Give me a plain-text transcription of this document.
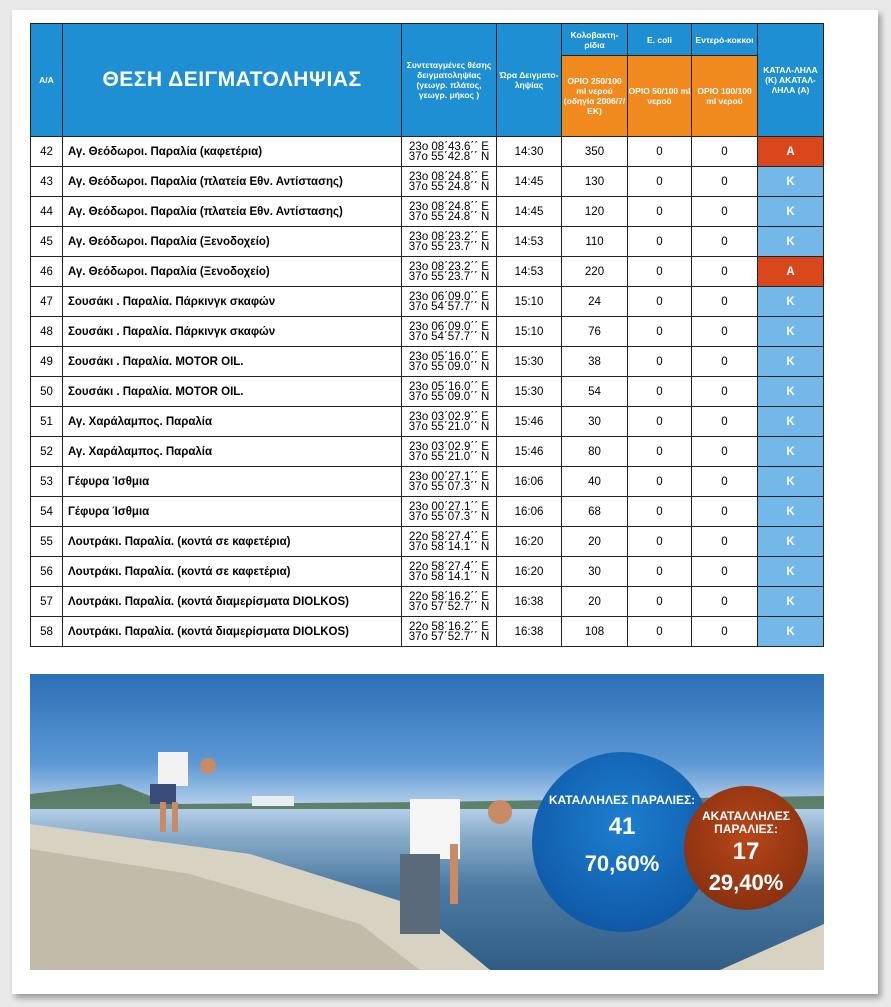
Α/Α	ΘΕΣΗ ΔΕΙΓΜΑΤΟΛΗΨΙΑΣ	Συντεταγμένες θέσης δειγματοληψίας (γεωγρ. πλάτος, γεωγρ. μήκος )	Ώρα Δειγματο-ληψίας	Κολοβακτη-ρίδια	E. coli	Εντερό-κοκκοι	ΚΑΤΑΛ-ΛΗΛΑ (Κ) ΑΚΑΤΑΛ-ΛΗΛΑ (Α)
				ΟΡΙΟ 250/100 ml νερού (οδηγία 2006/7/ ΕΚ)	ΟΡΙΟ 50/100 ml νερού	ΟΡΙΟ 100/100 ml νερού	
42	Αγ. Θεόδωροι. Παραλία (καφετέρια)	23o 08΄43.6΄΄ E
37o 55΄42.8΄΄ N	14:30	350	0	0	Α
43	Αγ. Θεόδωροι. Παραλία (πλατεία Εθν. Αντίστασης)	23o 08΄24.8΄΄ E
37o 55΄24.8΄΄ N	14:45	130	0	0	Κ
44	Αγ. Θεόδωροι. Παραλία (πλατεία Εθν. Αντίστασης)	23o 08΄24.8΄΄ E
37o 55΄24.8΄΄ N	14:45	120	0	0	Κ
45	Αγ. Θεόδωροι. Παραλία (Ξενοδοχείο)	23o 08΄23.2΄΄ E
37o 55΄23.7΄΄ N	14:53	110	0	0	Κ
46	Αγ. Θεόδωροι. Παραλία (Ξενοδοχείο)	23o 08΄23.2΄΄ E
37o 55΄23.7΄΄ N	14:53	220	0	0	Α
47	Σουσάκι . Παραλία. Πάρκινγκ σκαφών	23o 06΄09.0΄΄ E
37o 54΄57.7΄΄ N	15:10	24	0	0	Κ
48	Σουσάκι . Παραλία. Πάρκινγκ σκαφών	23o 06΄09.0΄΄ E
37o 54΄57.7΄΄ N	15:10	76	0	0	Κ
49	Σουσάκι . Παραλία. MOTOR OIL.	23o 05΄16.0΄΄ E
37o 55΄09.0΄΄ N	15:30	38	0	0	Κ
50	Σουσάκι . Παραλία. MOTOR OIL.	23o 05΄16.0΄΄ E
37o 55΄09.0΄΄ N	15:30	54	0	0	Κ
51	Αγ. Χαράλαμπος. Παραλία	23o 03΄02.9΄΄ E
37o 55΄21.0΄΄ N	15:46	30	0	0	Κ
52	Αγ. Χαράλαμπος. Παραλία	23o 03΄02.9΄΄ E
37o 55΄21.0΄΄ N	15:46	80	0	0	Κ
53	Γέφυρα Ίσθμια	23o 00΄27.1΄΄ E
37o 55΄07.3΄΄ N	16:06	40	0	0	Κ
54	Γέφυρα Ίσθμια	23o 00΄27.1΄΄ E
37o 55΄07.3΄΄ N	16:06	68	0	0	Κ
55	Λουτράκι. Παραλία. (κοντά σε καφετέρια)	22o 58΄27.4΄΄ E
37o 58΄14.1΄΄ N	16:20	20	0	0	Κ
56	Λουτράκι. Παραλία. (κοντά σε καφετέρια)	22o 58΄27.4΄΄ E
37o 58΄14.1΄΄ N	16:20	30	0	0	Κ
57	Λουτράκι. Παραλία. (κοντά διαμερίσματα DIOLKOS)	22o 58΄16.2΄΄ E
37o 57΄52.7΄΄ N	16:38	20	0	0	Κ
58	Λουτράκι. Παραλία. (κοντά διαμερίσματα DIOLKOS)	22o 58΄16.2΄΄ E
37o 57΄52.7΄΄ N	16:38	108	0	0	Κ
ΚΑΤΑΛΛΗΛΕΣ ΠΑΡΑΛΙΕΣ:
41
70,60%
ΑΚΑΤΑΛΛΗΛΕΣ ΠΑΡΑΛΙΕΣ:
17
29,40%
